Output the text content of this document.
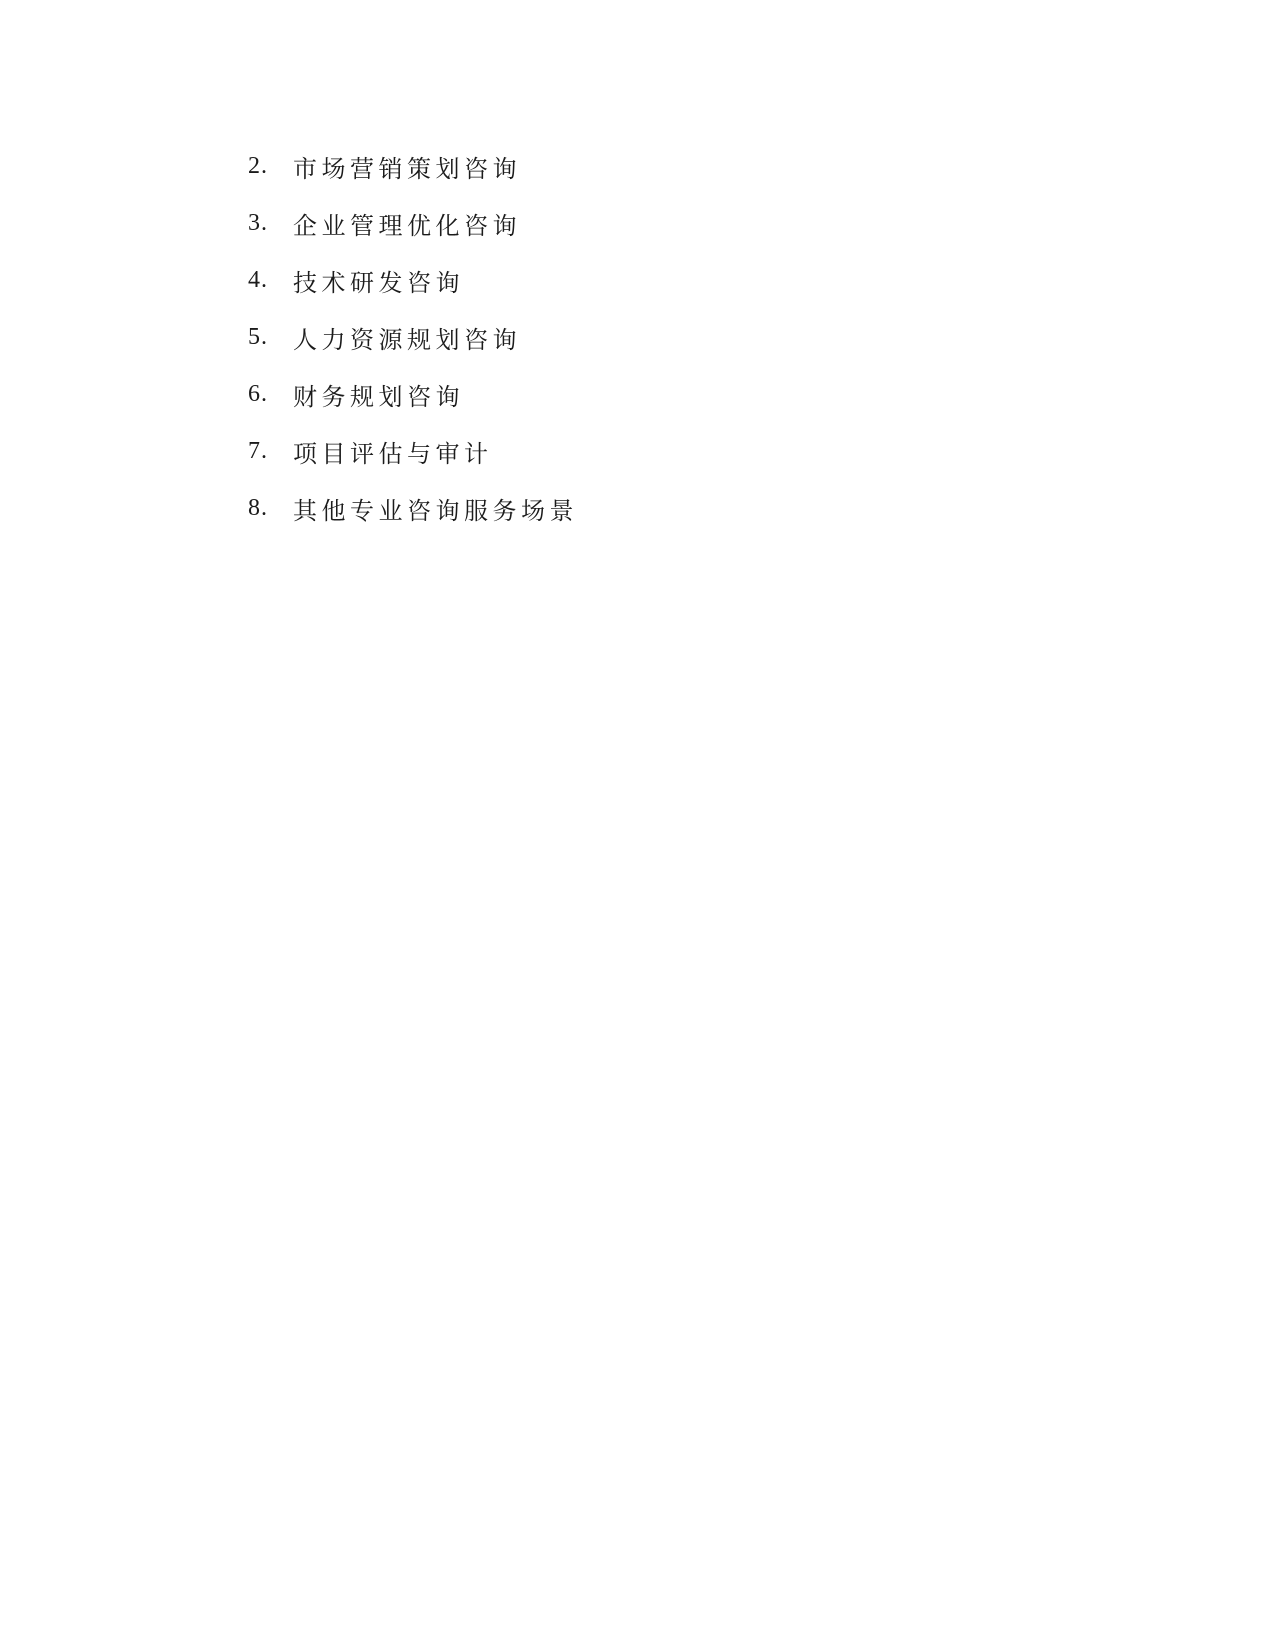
2.	市场营销策划咨询
3.	企业管理优化咨询
4.	技术研发咨询
5.	人力资源规划咨询
6.	财务规划咨询
7.	项目评估与审计
8.	其他专业咨询服务场景
